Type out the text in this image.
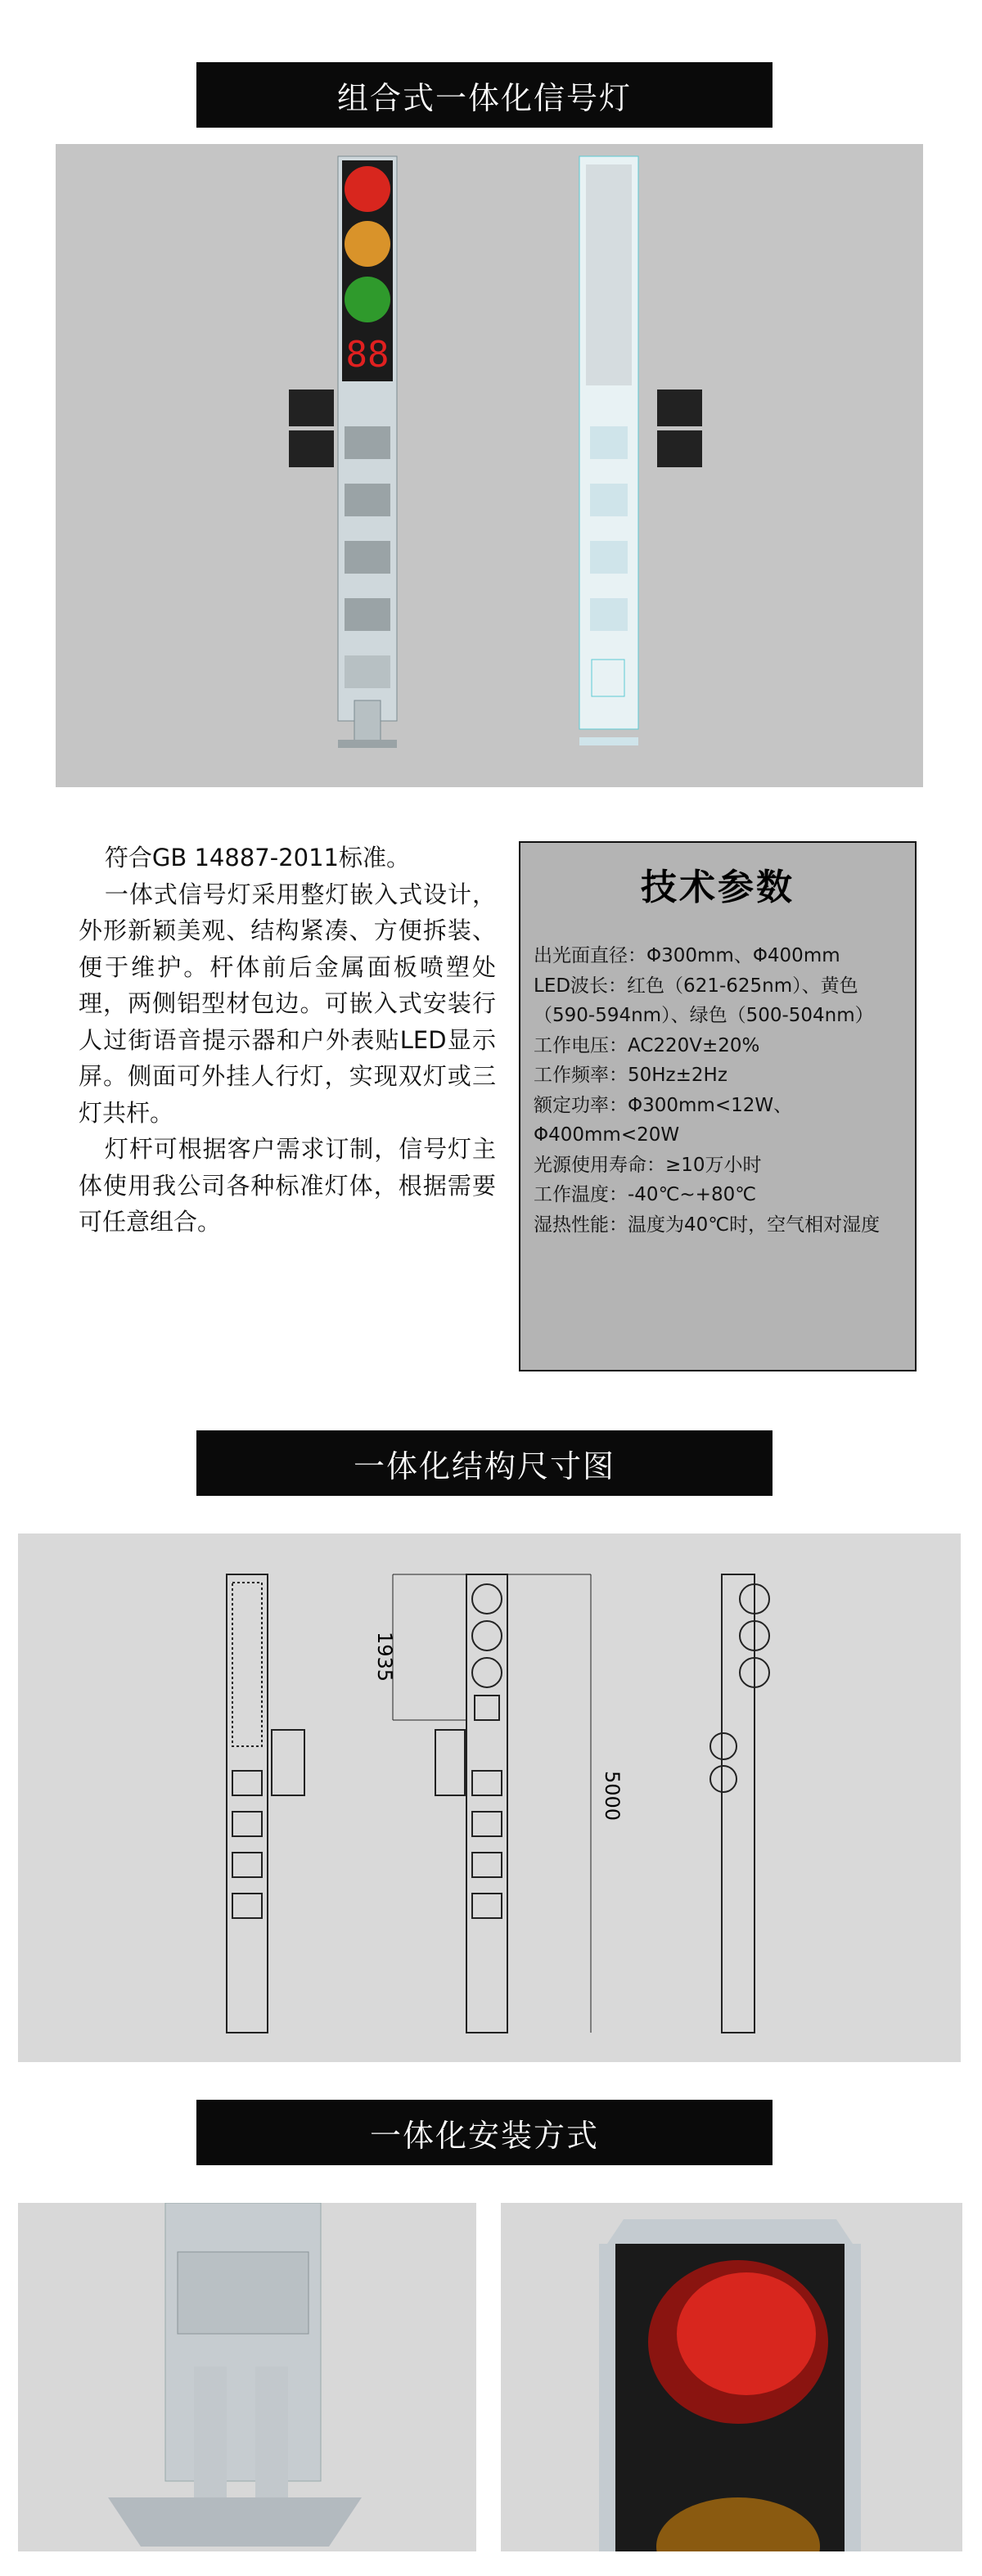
组合式一体化信号灯
88

符合GB 14887-2011标准。

一体式信号灯采用整灯嵌入式设计，外形新颖美观、结构紧凑、方便拆装、便于维护。杆体前后金属面板喷塑处理，两侧铝型材包边。可嵌入式安装行人过街语音提示器和户外表贴LED显示屏。侧面可外挂人行灯，实现双灯或三灯共杆。

灯杆可根据客户需求订制，信号灯主体使用我公司各种标准灯体，根据需要可任意组合。

技术参数
出光面直径：Φ300mm、Φ400mm
LED波长：红色（621-625nm）、黄色（590-594nm）、绿色（500-504nm）
工作电压：AC220V±20%
工作频率：50Hz±2Hz
额定功率：Φ300mm<12W、Φ400mm<20W
光源使用寿命：≥10万小时
工作温度：-40℃~+80℃
湿热性能：温度为40℃时，空气相对湿度
一体化结构尺寸图
1935
5000
一体化安装方式
